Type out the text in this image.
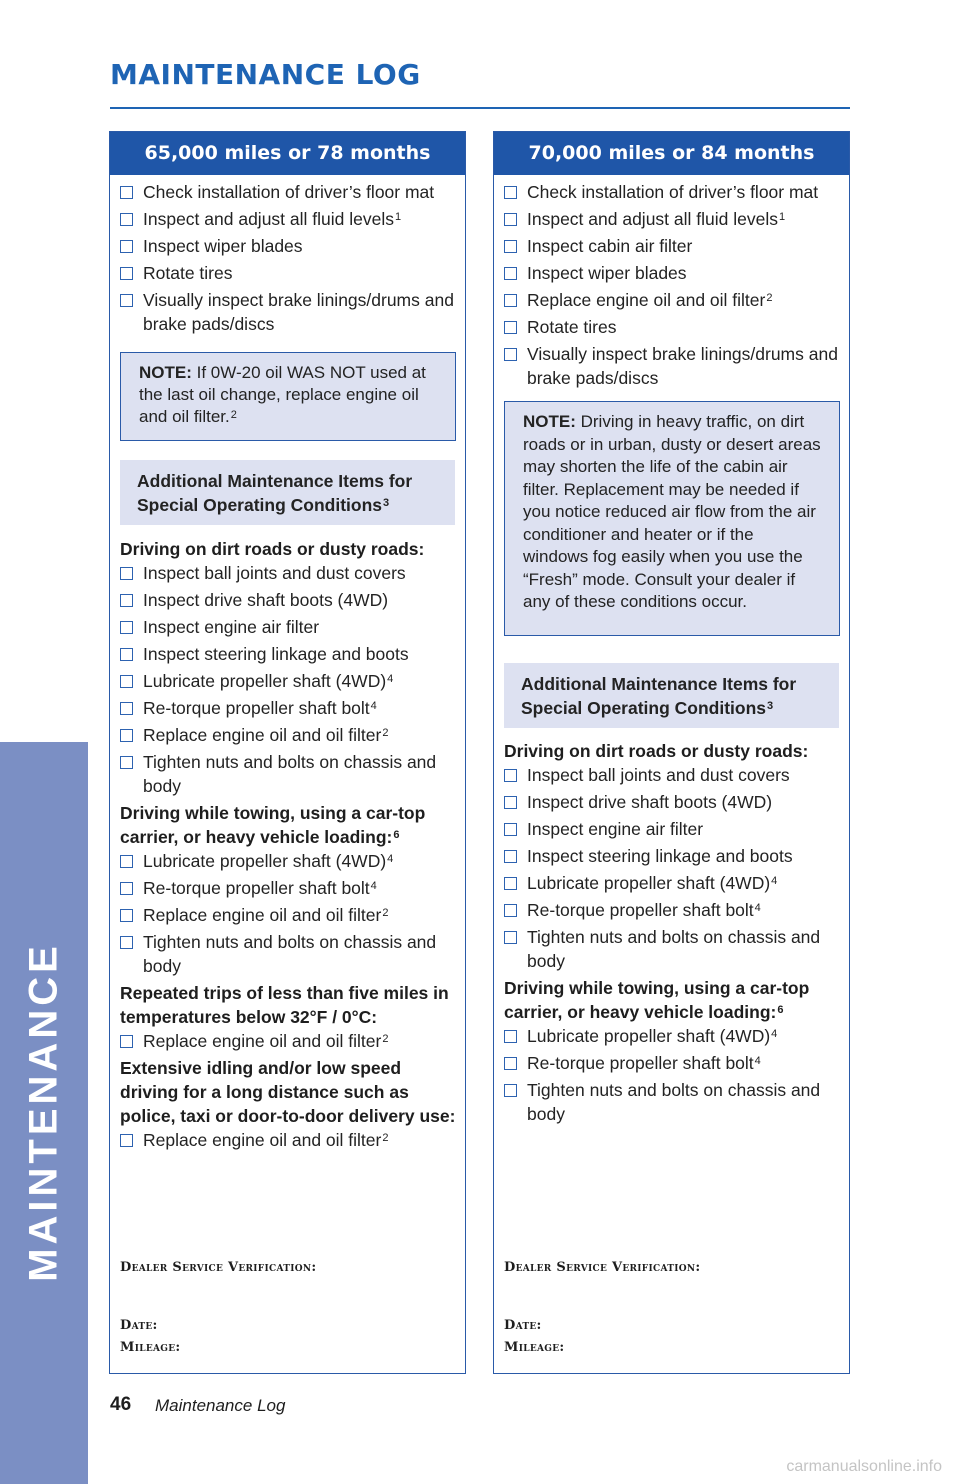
MAINTENANCE
MAINTENANCE LOG
65,000 miles or 78 months
Check installation of driver’s floor mat
Inspect and adjust all fluid levels$^1$
Inspect wiper blades
Rotate tires
Visually inspect brake linings/drums and brake pads/discs
NOTE: If 0W-20 oil WAS NOT used at the last oil change, replace engine oil and oil filter.$^2$
Additional Maintenance Items for Special Operating Conditions$^3$
Driving on dirt roads or dusty roads:
Inspect ball joints and dust covers
Inspect drive shaft boots (4WD)
Inspect engine air filter
Inspect steering linkage and boots
Lubricate propeller shaft $(4WD)^4$
Re-torque propeller shaft bolt$^4$
Replace engine oil and oil filter$^2$
Tighten nuts and bolts on chassis and body
Driving while towing, using a car-top carrier, or heavy vehicle loading:$^6$
Lubricate propeller shaft $(4WD)^4$
Re-torque propeller shaft bolt$^4$
Replace engine oil and oil filter$^2$
Tighten nuts and bolts on chassis and body
Repeated trips of less than five miles in temperatures below 32°F / 0°C:
Replace engine oil and oil filter$^2$
Extensive idling and/or low speed driving for a long distance such as police, taxi or door-to-door delivery use:
Replace engine oil and oil filter$^2$
Dealer Service Verification:
Date:
Mileage:
70,000 miles or 84 months
Check installation of driver’s floor mat
Inspect and adjust all fluid levels$^1$
Inspect cabin air filter
Inspect wiper blades
Replace engine oil and oil filter$^2$
Rotate tires
Visually inspect brake linings/drums and brake pads/discs
NOTE: Driving in heavy traffic, on dirt roads or in urban, dusty or desert areas may shorten the life of the cabin air filter. Replacement may be needed if you notice reduced air flow from the air conditioner and heater or if the windows fog easily when you use the “Fresh” mode. Consult your dealer if any of these conditions occur.
Additional Maintenance Items for Special Operating Conditions$^3$
Driving on dirt roads or dusty roads:
Inspect ball joints and dust covers
Inspect drive shaft boots (4WD)
Inspect engine air filter
Inspect steering linkage and boots
Lubricate propeller shaft $(4WD)^4$
Re-torque propeller shaft bolt$^4$
Tighten nuts and bolts on chassis and body
Driving while towing, using a car-top carrier, or heavy vehicle loading:$^6$
Lubricate propeller shaft $(4WD)^4$
Re-torque propeller shaft bolt$^4$
Tighten nuts and bolts on chassis and body
Dealer Service Verification:
Date:
Mileage:
46 Maintenance Log
carmanualsonline.info
